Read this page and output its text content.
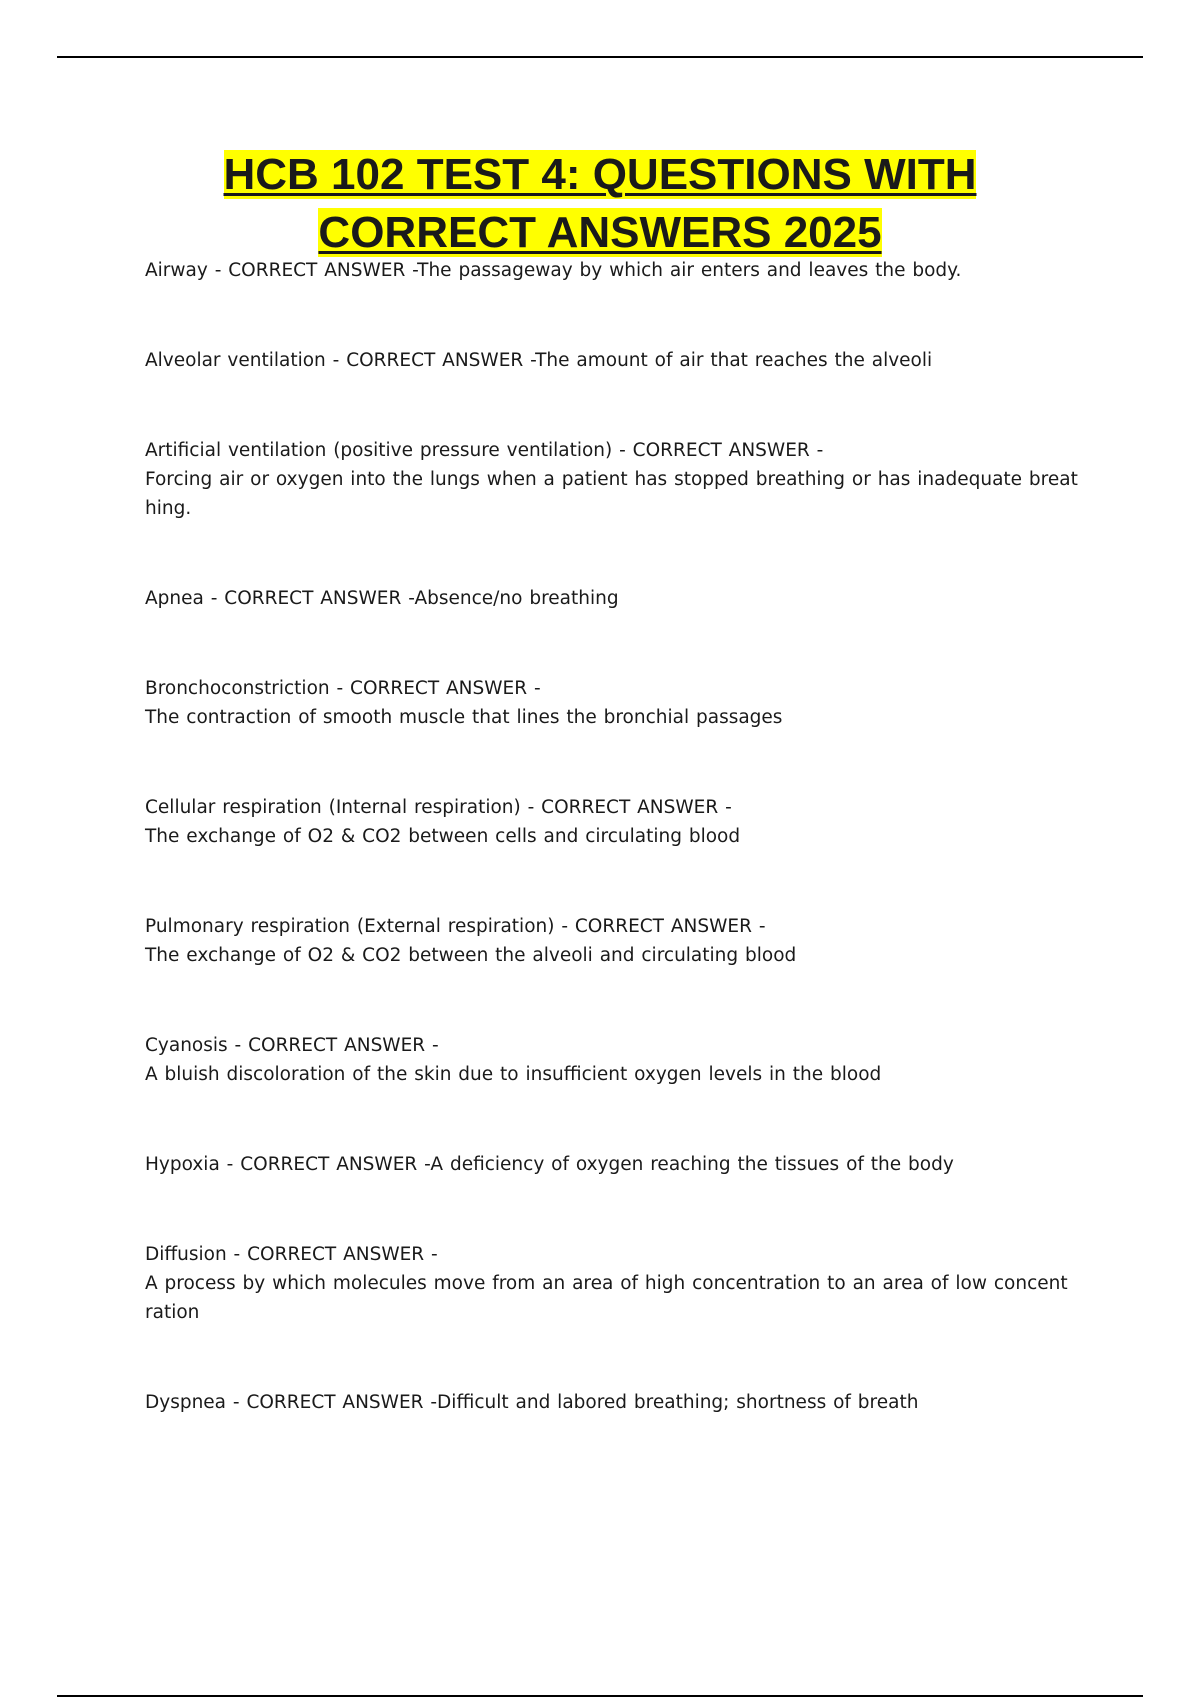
HCB 102 TEST 4: QUESTIONS WITH
CORRECT ANSWERS 2025
Airway - CORRECT ANSWER -The passageway by which air enters and leaves the body.
Alveolar ventilation - CORRECT ANSWER -The amount of air that reaches the alveoli
Artificial ventilation (positive pressure ventilation) - CORRECT ANSWER -
Forcing air or oxygen into the lungs when a patient has stopped breathing or has inadequate breat
hing.
Apnea - CORRECT ANSWER -Absence/no breathing
Bronchoconstriction - CORRECT ANSWER -
The contraction of smooth muscle that lines the bronchial passages
Cellular respiration (Internal respiration) - CORRECT ANSWER -
The exchange of O2 & CO2 between cells and circulating blood
Pulmonary respiration (External respiration) - CORRECT ANSWER -
The exchange of O2 & CO2 between the alveoli and circulating blood
Cyanosis - CORRECT ANSWER -
A bluish discoloration of the skin due to insufficient oxygen levels in the blood
Hypoxia - CORRECT ANSWER -A deficiency of oxygen reaching the tissues of the body
Diffusion - CORRECT ANSWER -
A process by which molecules move from an area of high concentration to an area of low concent
ration
Dyspnea - CORRECT ANSWER -Difficult and labored breathing; shortness of breath
